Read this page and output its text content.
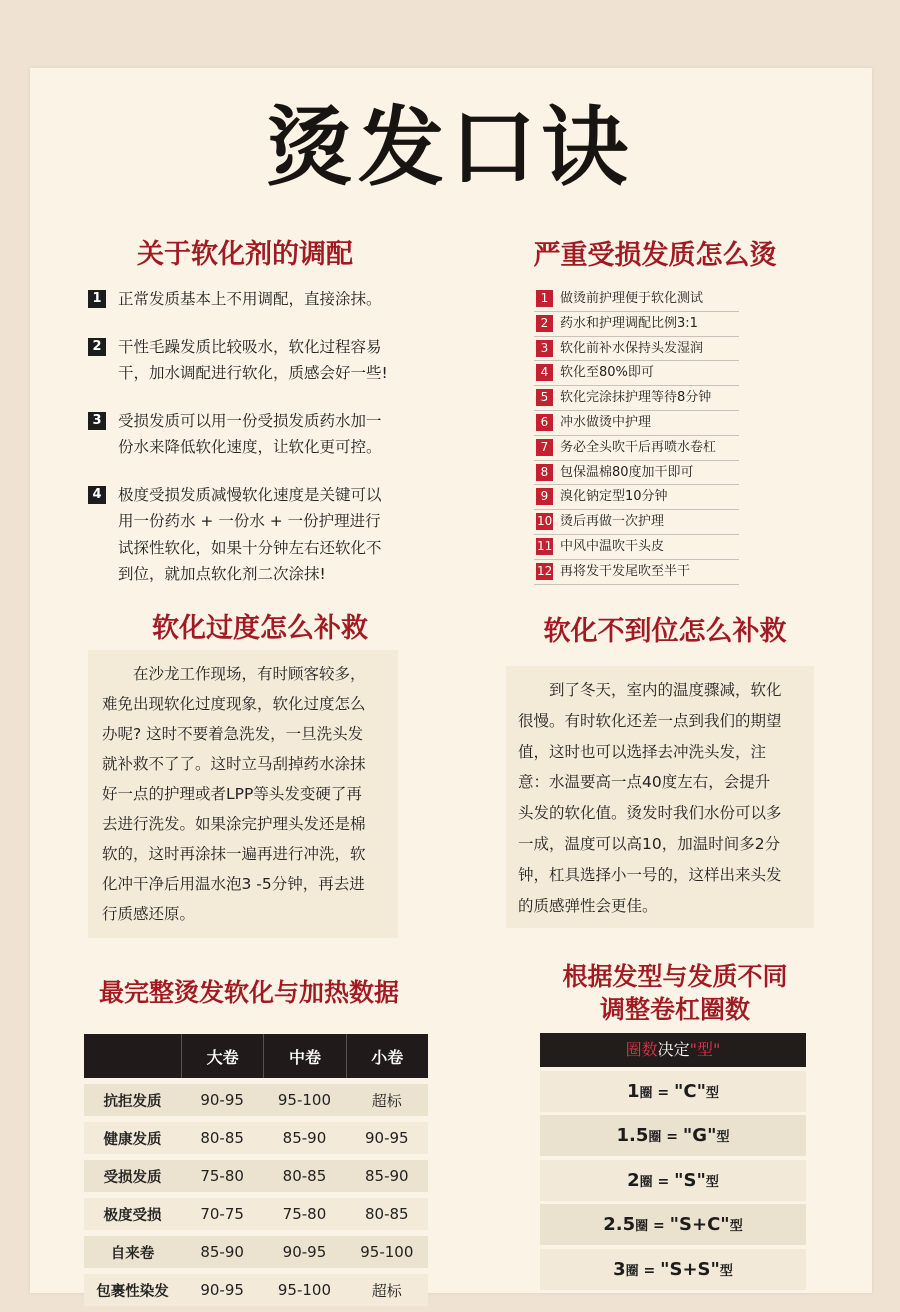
烫发口诀
关于软化剂的调配
1 正常发质基本上不用调配，直接涂抹。
2 干性毛躁发质比较吸水，软化过程容易
干，加水调配进行软化，质感会好一些!
3 受损发质可以用一份受损发质药水加一
份水来降低软化速度，让软化更可控。
4 极度受损发质减慢软化速度是关键可以
用一份药水 + 一份水 + 一份护理进行
试探性软化，如果十分钟左右还软化不
到位，就加点软化剂二次涂抹!
严重受损发质怎么烫
1 做烫前护理便于软化测试
2 药水和护理调配比例3:1
3 软化前补水保持头发湿润
4 软化至80%即可
5 软化完涂抹护理等待8分钟
6 冲水做烫中护理
7 务必全头吹干后再喷水卷杠
8 包保温棉80度加干即可
9 溴化钠定型10分钟
10 烫后再做一次护理
11 中风中温吹干头皮
12 再将发干发尾吹至半干
软化过度怎么补救
在沙龙工作现场，有时顾客较多，
难免出现软化过度现象，软化过度怎么
办呢? 这时不要着急洗发，一旦洗头发
就补救不了了。这时立马刮掉药水涂抹
好一点的护理或者LPP等头发变硬了再
去进行洗发。如果涂完护理头发还是棉
软的，这时再涂抹一遍再进行冲洗，软
化冲干净后用温水泡3 -5分钟，再去进
行质感还原。
软化不到位怎么补救
到了冬天，室内的温度骤减，软化
很慢。有时软化还差一点到我们的期望
值，这时也可以选择去冲洗头发，注
意：水温要高一点40度左右，会提升
头发的软化值。烫发时我们水份可以多
一成，温度可以高10，加温时间多2分
钟，杠具选择小一号的，这样出来头发
的质感弹性会更佳。
最完整烫发软化与加热数据
	大卷	中卷	小卷
抗拒发质	90-95	95-100	超标
健康发质	80-85	85-90	90-95
受损发质	75-80	80-85	85-90
极度受损	70-75	75-80	80-85
自来卷	85-90	90-95	95-100
包裹性染发	90-95	95-100	超标
根据发型与发质不同
调整卷杠圈数
圈数决定"型"
1圈 = "C"型
1.5圈 = "G"型
2圈 = "S"型
2.5圈 = "S+C"型
3圈 = "S+S"型
